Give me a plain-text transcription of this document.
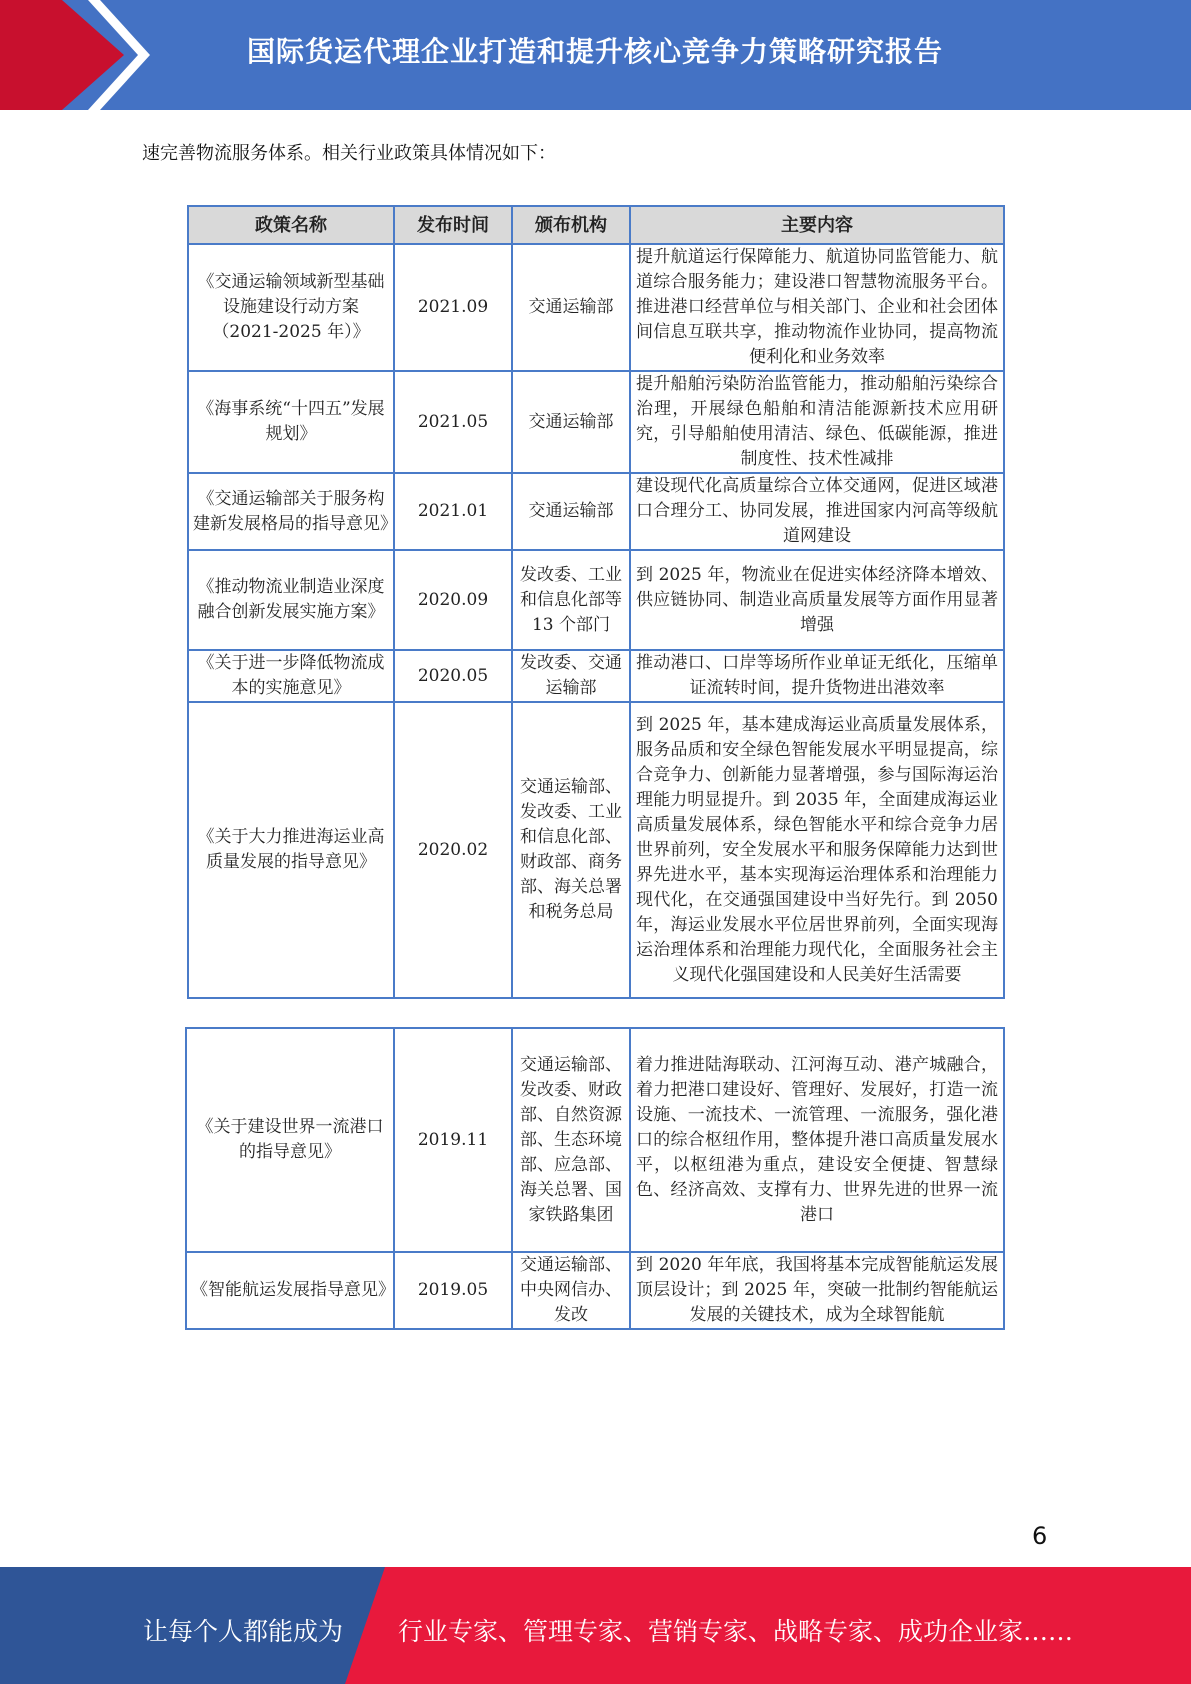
国际货运代理企业打造和提升核心竞争力策略研究报告
速完善物流服务体系。相关行业政策具体情况如下：
政策名称	发布时间	颁布机构	主要内容
《交通运输领域新型基础设施建设行动方案（2021-2025 年）》	2021.09	交通运输部	提升航道运行保障能力、航道协同监管能力、航道综合服务能力；建设港口智慧物流服务平台。推进港口经营单位与相关部门、企业和社会团体间信息互联共享，推动物流作业协同，提高物流便利化和业务效率
《海事系统“十四五”发展规划》	2021.05	交通运输部	提升船舶污染防治监管能力，推动船舶污染综合治理，开展绿色船舶和清洁能源新技术应用研究，引导船舶使用清洁、绿色、低碳能源，推进制度性、技术性减排
《交通运输部关于服务构建新发展格局的指导意见》	2021.01	交通运输部	建设现代化高质量综合立体交通网，促进区域港口合理分工、协同发展，推进国家内河高等级航道网建设
《推动物流业制造业深度融合创新发展实施方案》	2020.09	发改委、工业和信息化部等 13 个部门	到 2025 年，物流业在促进实体经济降本增效、供应链协同、制造业高质量发展等方面作用显著增强
《关于进一步降低物流成本的实施意见》	2020.05	发改委、交通运输部	推动港口、口岸等场所作业单证无纸化，压缩单证流转时间，提升货物进出港效率
《关于大力推进海运业高质量发展的指导意见》	2020.02	交通运输部、发改委、工业和信息化部、财政部、商务部、海关总署和税务总局	到 2025 年，基本建成海运业高质量发展体系，服务品质和安全绿色智能发展水平明显提高，综合竞争力、创新能力显著增强，参与国际海运治理能力明显提升。到 2035 年，全面建成海运业高质量发展体系，绿色智能水平和综合竞争力居世界前列，安全发展水平和服务保障能力达到世界先进水平，基本实现海运治理体系和治理能力现代化，在交通强国建设中当好先行。到 2050 年，海运业发展水平位居世界前列，全面实现海运治理体系和治理能力现代化，全面服务社会主义现代化强国建设和人民美好生活需要
《关于建设世界一流港口的指导意见》	2019.11	交通运输部、发改委、财政部、自然资源部、生态环境部、应急部、海关总署、国家铁路集团	着力推进陆海联动、江河海互动、港产城融合，着力把港口建设好、管理好、发展好，打造一流设施、一流技术、一流管理、一流服务，强化港口的综合枢纽作用，整体提升港口高质量发展水平，以枢纽港为重点，建设安全便捷、智慧绿色、经济高效、支撑有力、世界先进的世界一流港口
《智能航运发展指导意见》	2019.05	交通运输部、中央网信办、发改	到 2020 年年底，我国将基本完成智能航运发展顶层设计；到 2025 年，突破一批制约智能航运发展的关键技术，成为全球智能航
6
让每个人都能成为 行业专家、管理专家、营销专家、战略专家、成功企业家……
